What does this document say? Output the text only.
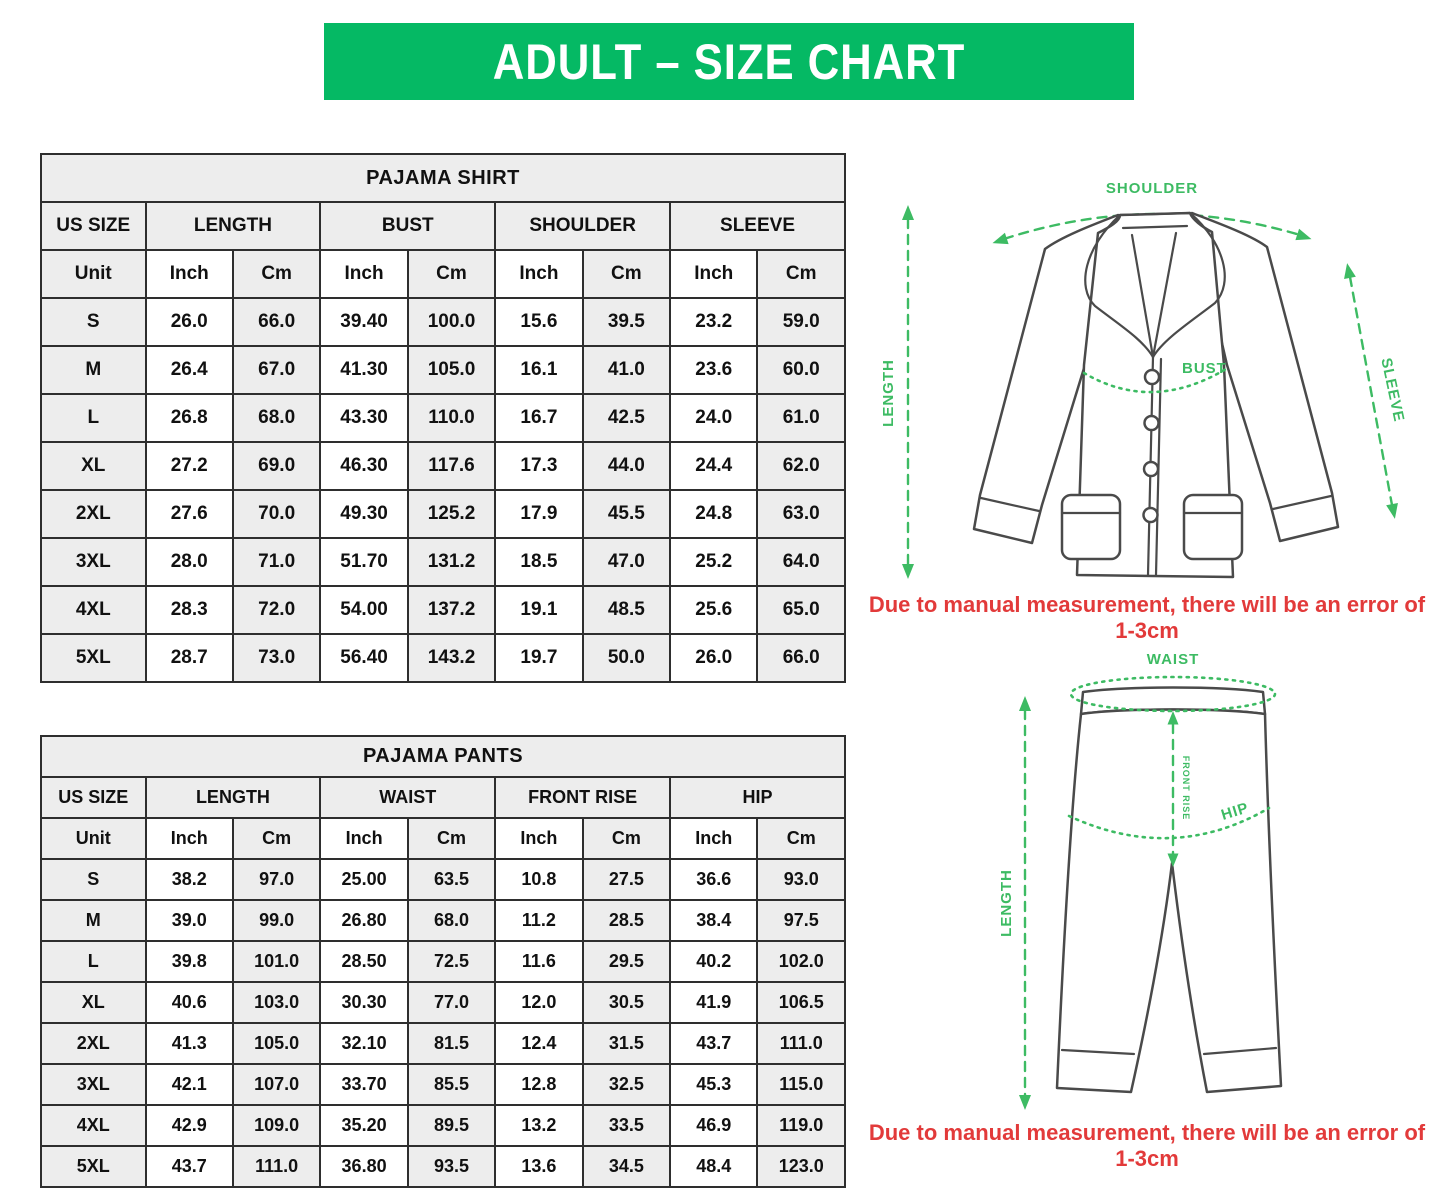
ADULT – SIZE CHART
PAJAMA SHIRT								
US SIZE	LENGTH		BUST		SHOULDER		SLEEVE	
Unit	Inch	Cm	Inch	Cm	Inch	Cm	Inch	Cm
S	26.0	66.0	39.40	100.0	15.6	39.5	23.2	59.0
M	26.4	67.0	41.30	105.0	16.1	41.0	23.6	60.0
L	26.8	68.0	43.30	110.0	16.7	42.5	24.0	61.0
XL	27.2	69.0	46.30	117.6	17.3	44.0	24.4	62.0
2XL	27.6	70.0	49.30	125.2	17.9	45.5	24.8	63.0
3XL	28.0	71.0	51.70	131.2	18.5	47.0	25.2	64.0
4XL	28.3	72.0	54.00	137.2	19.1	48.5	25.6	65.0
5XL	28.7	73.0	56.40	143.2	19.7	50.0	26.0	66.0
PAJAMA PANTS								
US SIZE	LENGTH		WAIST		FRONT RISE		HIP	
Unit	Inch	Cm	Inch	Cm	Inch	Cm	Inch	Cm
S	38.2	97.0	25.00	63.5	10.8	27.5	36.6	93.0
M	39.0	99.0	26.80	68.0	11.2	28.5	38.4	97.5
L	39.8	101.0	28.50	72.5	11.6	29.5	40.2	102.0
XL	40.6	103.0	30.30	77.0	12.0	30.5	41.9	106.5
2XL	41.3	105.0	32.10	81.5	12.4	31.5	43.7	111.0
3XL	42.1	107.0	33.70	85.5	12.8	32.5	45.3	115.0
4XL	42.9	109.0	35.20	89.5	13.2	33.5	46.9	119.0
5XL	43.7	111.0	36.80	93.5	13.6	34.5	48.4	123.0
LENGTH
SHOULDER
BUST	SLEEVE
Due to manual measurement, there will be an error of 1-3cm
LENGTH
WAIST
FRONT RISE HIP
Due to manual measurement, there will be an error of 1-3cm
